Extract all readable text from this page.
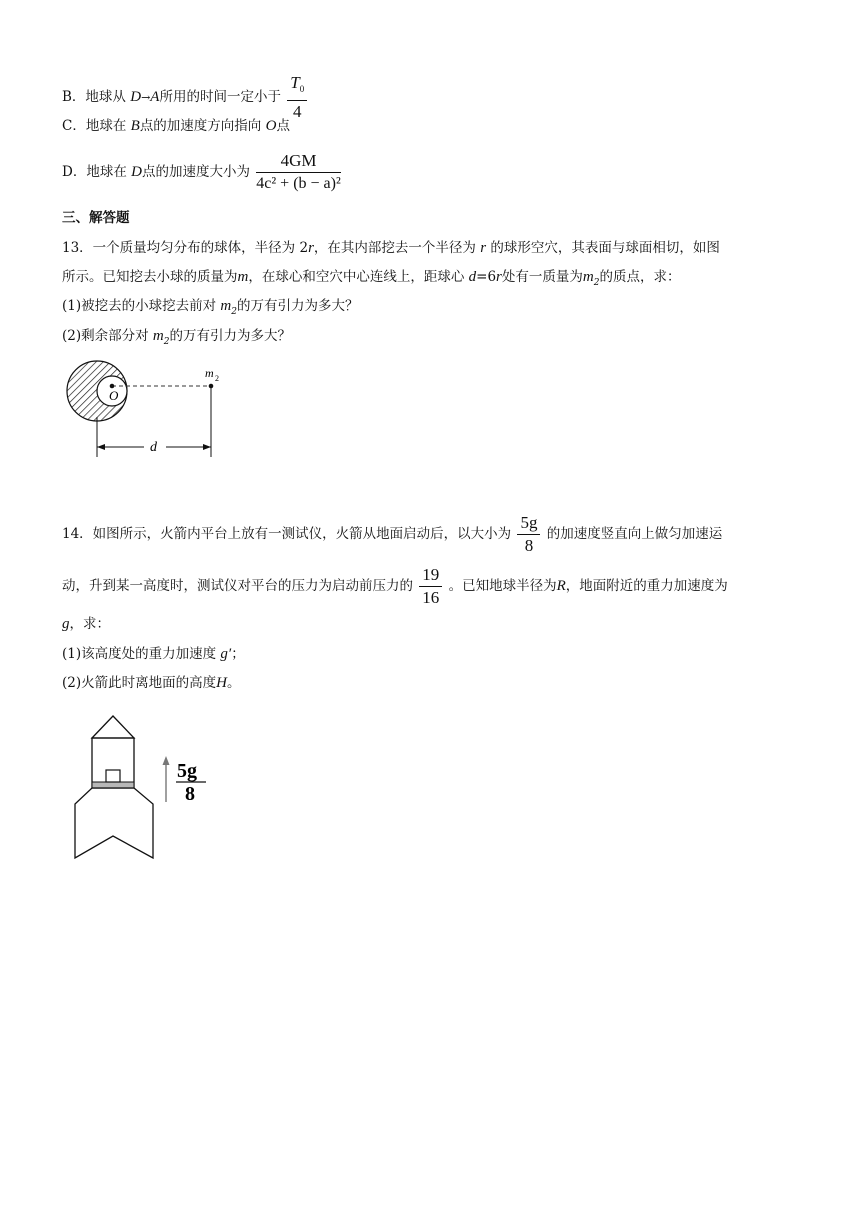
B．地球从 D→A所用的时间一定小于 $\frac{T_0}{4}$
C．地球在 B点的加速度方向指向 O点
D．地球在 D点的加速度大小为 $\frac{4GM}{\text{4c² + (b − a)²}}$
三、解答题
13．一个质量均匀分布的球体，半径为 2r，在其内部挖去一个半径为 r 的球形空穴，其表面与球面相切，如图
所示。已知挖去小球的质量为m，在球心和空穴中心连线上，距球心 d=6r处有一质量为$m_2$的质点，求：
(1)被挖去的小球挖去前对 $m_2$的万有引力为多大？
(2)剩余部分对 $m_2$的万有引力为多大？
O
m 2
d
14．如图所示，火箭内平台上放有一测试仪，火箭从地面启动后，以大小为 $\frac{5g}{8}$ 的加速度竖直向上做匀加速运
动，升到某一高度时，测试仪对平台的压力为启动前压力的 $\frac{19}{16}$ 。已知地球半径为R，地面附近的重力加速度为
g，求：
(1)该高度处的重力加速度 g′；
(2)火箭此时离地面的高度H。
5g
8
